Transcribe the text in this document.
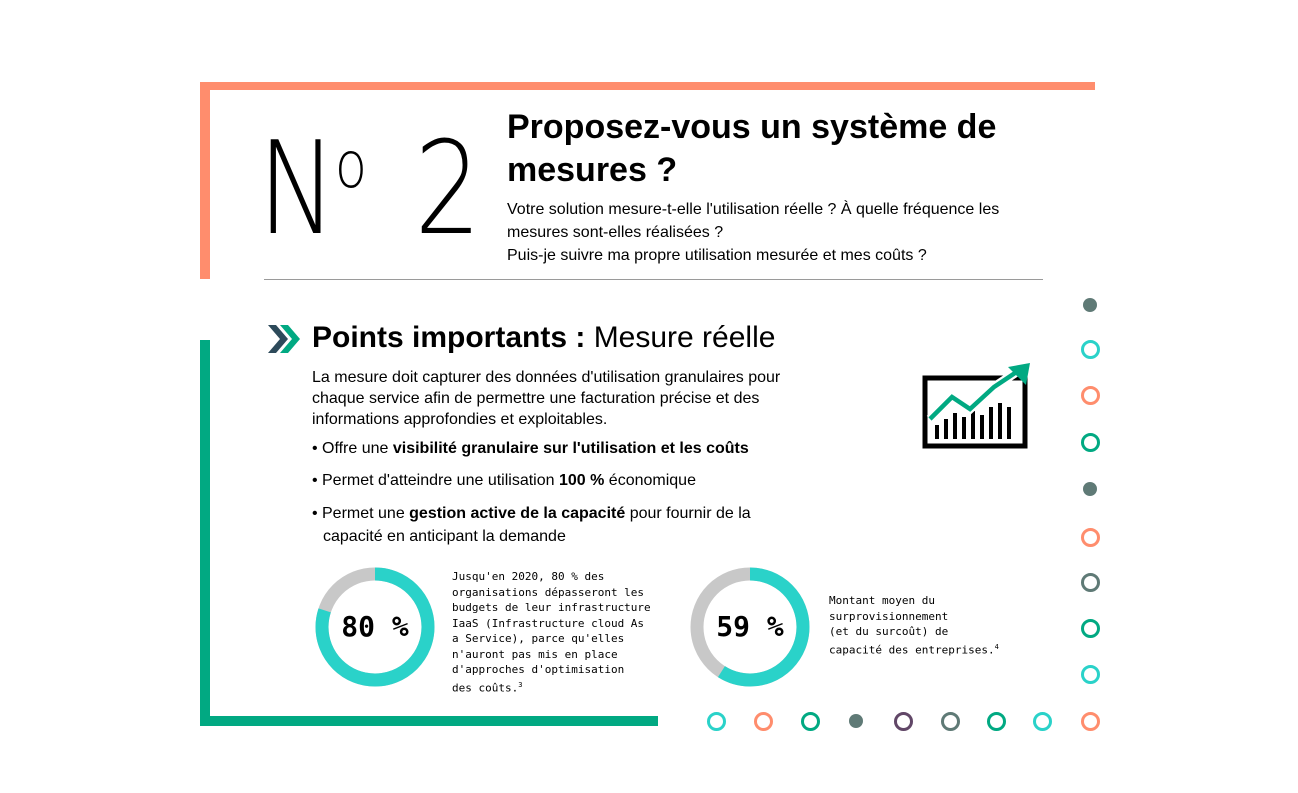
$N^o$ 2 Proposez-vous un système de mesures ?
Votre solution mesure-t-elle l'utilisation réelle ? À quelle fréquence les
mesures sont-elles réalisées ?
Puis-je suivre ma propre utilisation mesurée et mes coûts ?
Points importants : Mesure réelle
La mesure doit capturer des données d'utilisation granulaires pour chaque service afin de permettre une facturation précise et des informations approfondies et exploitables.
• Offre une visibilité granulaire sur l'utilisation et les coûts
• Permet d'atteindre une utilisation 100 % économique
• Permet une gestion active de la capacité pour fournir de la
capacité en anticipant la demande
80 %
Jusqu'en 2020, 80 % des
organisations dépasseront les
budgets de leur infrastructure
IaaS (Infrastructure cloud As
a Service), parce qu'elles
n'auront pas mis en place
d'approches d'optimisation
des coûts.$^3$
59 %
Montant moyen du
surprovisionnement
(et du surcoût) de
capacité des entreprises.$^4$
